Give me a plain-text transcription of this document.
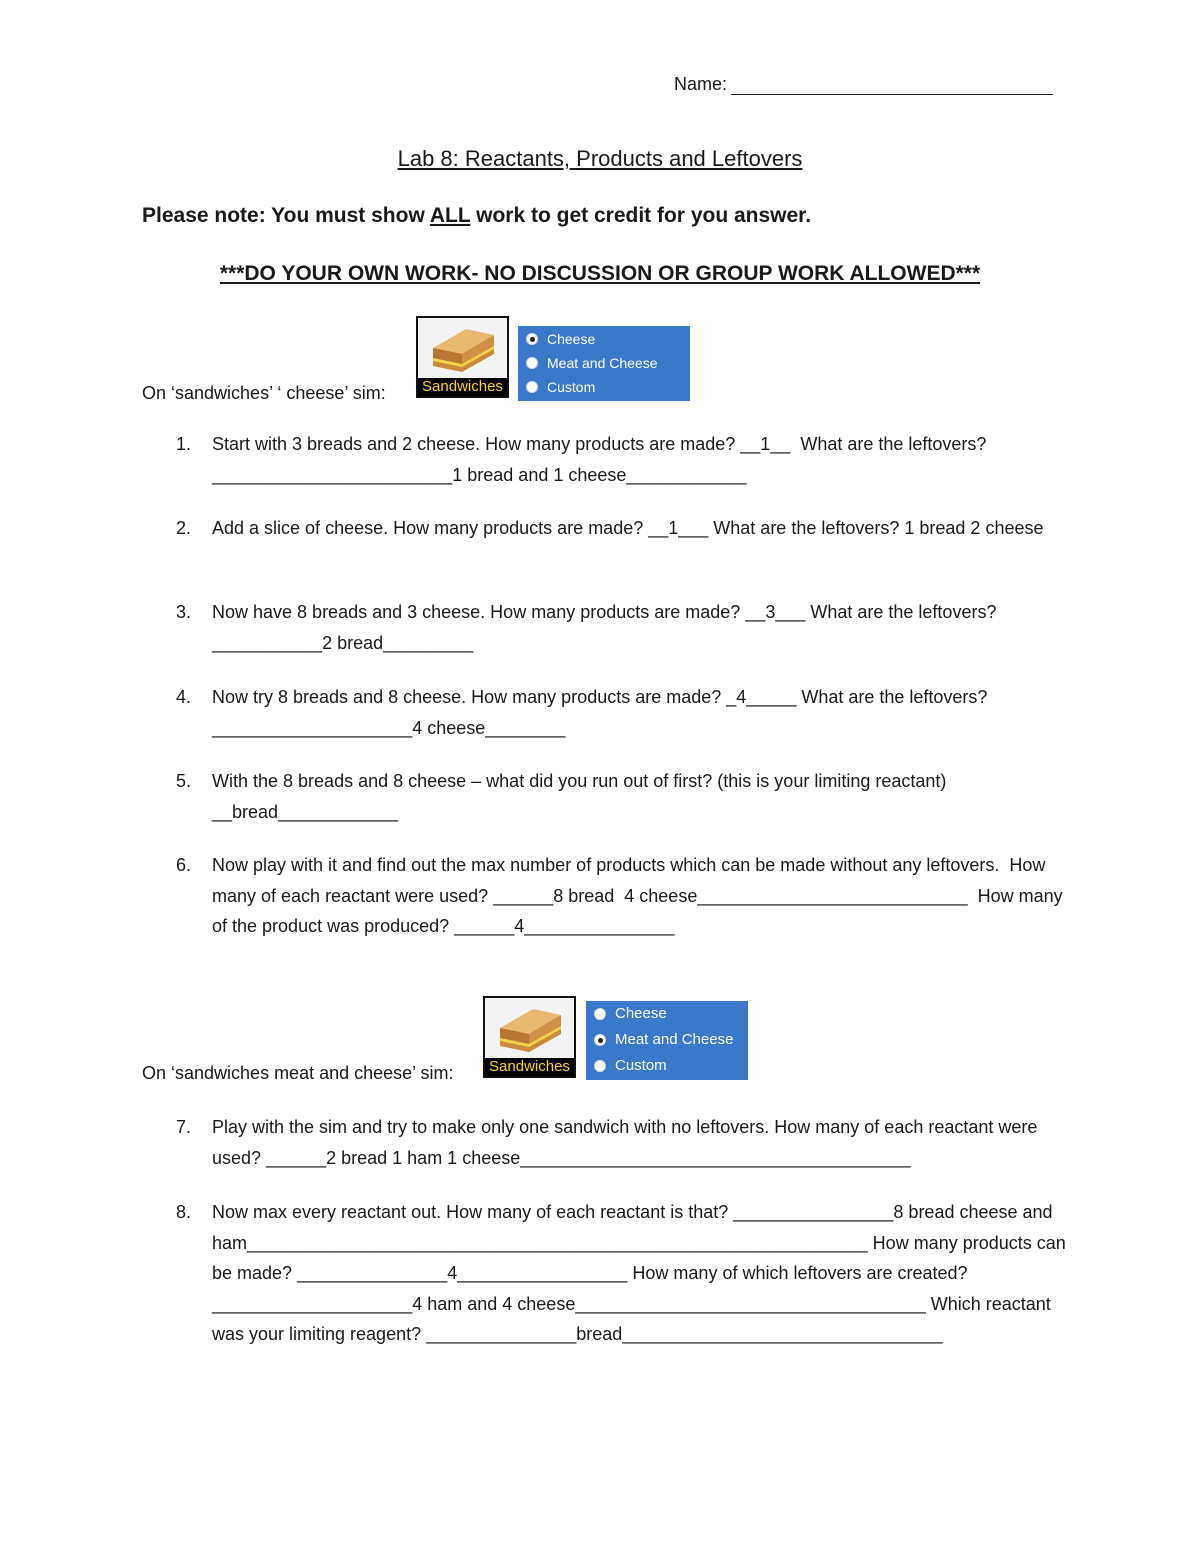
Name:
Lab 8: Reactants, Products and Leftovers
Please note: You must show ALL work to get credit for you answer.
***DO YOUR OWN WORK- NO DISCUSSION OR GROUP WORK ALLOWED***
On ‘sandwiches’ ‘ cheese’ sim: Sandwiches
Cheese
Meat and Cheese
Custom
1. Start with 3 breads and 2 cheese. How many products are made? __1__  What are the leftovers? ________________________1 bread and 1 cheese____________
2. Add a slice of cheese. How many products are made? __1___ What are the leftovers? 1 bread 2 cheese
3. Now have 8 breads and 3 cheese. How many products are made? __3___ What are the leftovers? ___________2 bread_________
4. Now try 8 breads and 8 cheese. How many products are made? _4_____ What are the leftovers? ____________________4 cheese________
5. With the 8 breads and 8 cheese – what did you run out of first? (this is your limiting reactant) __bread____________
6. Now play with it and find out the max number of products which can be made without any leftovers.  How many of each reactant were used? ______8 bread  4 cheese___________________________  How many of the product was produced? ______4_______________
On ‘sandwiches meat and cheese’ sim: Sandwiches
Cheese
Meat and Cheese
Custom
7. Play with the sim and try to make only one sandwich with no leftovers. How many of each reactant were used? ______2 bread 1 ham 1 cheese_______________________________________
8. Now max every reactant out. How many of each reactant is that? ________________8 bread cheese and ham______________________________________________________________ How many products can be made? _______________4_________________ How many of which leftovers are created? ____________________4 ham and 4 cheese___________________________________ Which reactant was your limiting reagent? _______________bread________________________________
